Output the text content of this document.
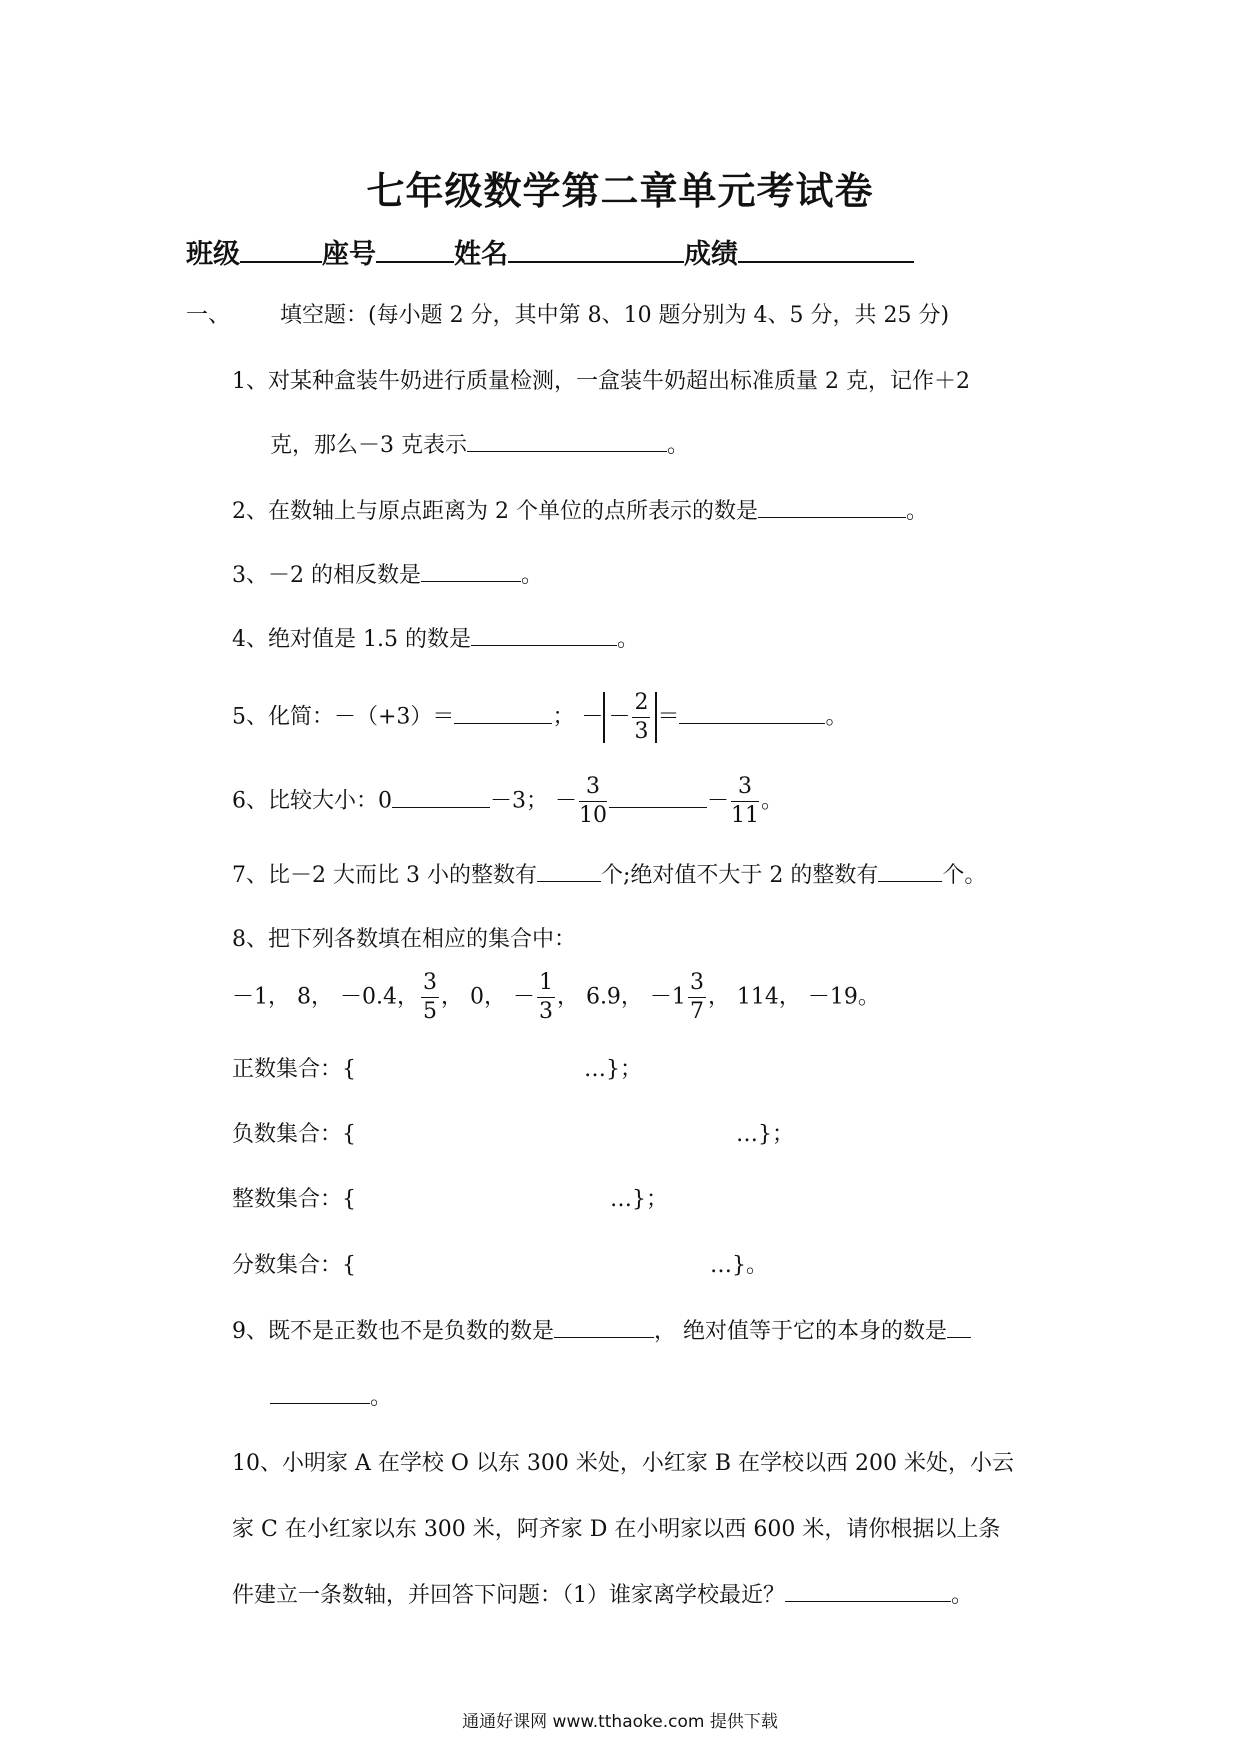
七年级数学第二章单元考试卷
班级	座号	姓名	成绩
一、 填空题：(每小题 2 分，其中第 8、10 题分别为 4、5 分，共 25 分)
1、对某种盒装牛奶进行质量检测，一盒装牛奶超出标准质量 2 克，记作＋2
克，那么－3 克表示	。
2、在数轴上与原点距离为 2 个单位的点所表示的数是	。
3、－2 的相反数是	。
4、绝对值是 1.5 的数是	。
5、化简：－（+3）＝	； － － $\frac{2}{3}$ ＝	。
6、比较大小：0	－3； － $\frac{3}{10}$	－ $\frac{3}{11}$ 。
7、比－2 大而比 3 小的整数有	个;绝对值不大于 2 的整数有	个。
8、把下列各数填在相应的集合中：
－1， 8， －0.4， $\frac{3}{5}$ ， 0， － $\frac{1}{3}$ ， 6.9， $-1 \frac{3}{7}$ ， 114， －19。
正数集合：{	…}；
负数集合：{	…}；
整数集合：{	…}；
分数集合：{	…}。
9、既不是正数也不是负数的数是	， 绝对值等于它的本身的数是
。
10、小明家 A 在学校 O 以东 300 米处，小红家 B 在学校以西 200 米处，小云
家 C 在小红家以东 300 米，阿齐家 D 在小明家以西 600 米，请你根据以上条
件建立一条数轴，并回答下问题：（1）谁家离学校最近？	。
通通好课网 www.tthaoke.com 提供下载
